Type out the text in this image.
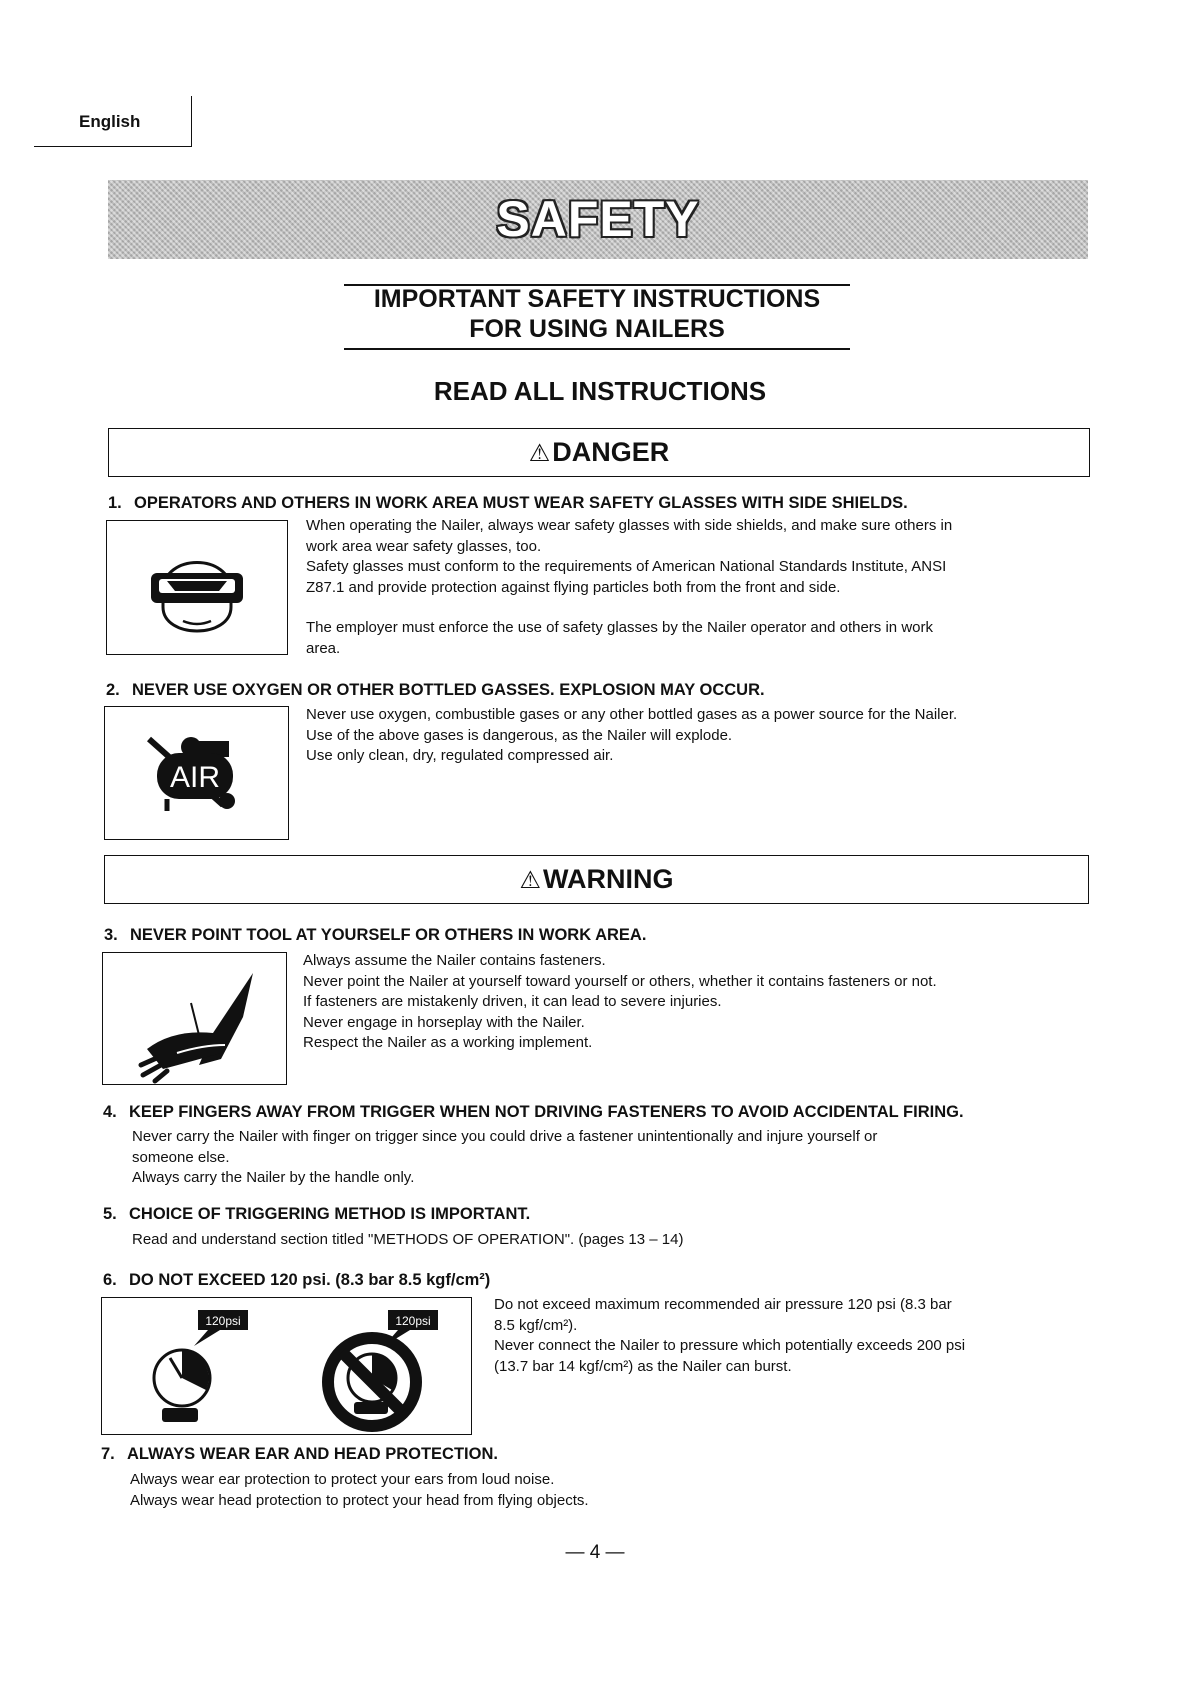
English
SAFETY
IMPORTANT SAFETY INSTRUCTIONS
FOR USING NAILERS
READ ALL INSTRUCTIONS
⚠DANGER
1. OPERATORS AND OTHERS IN WORK AREA MUST WEAR SAFETY GLASSES WITH SIDE SHIELDS.
When operating the Nailer, always wear safety glasses with side shields, and make sure others in
work area wear safety glasses, too.
Safety glasses must conform to the requirements of American National Standards Institute, ANSI
Z87.1 and provide protection against flying particles both from the front and side.
The employer must enforce the use of safety glasses by the Nailer operator and others in work
area.
2. NEVER USE OXYGEN OR OTHER BOTTLED GASSES. EXPLOSION MAY OCCUR.
AIR
Never use oxygen, combustible gases or any other bottled gases as a power source for the Nailer.
Use of the above gases is dangerous, as the Nailer will explode.
Use only clean, dry, regulated compressed air.
⚠WARNING
3. NEVER POINT TOOL AT YOURSELF OR OTHERS IN WORK AREA.
Always assume the Nailer contains fasteners.
Never point the Nailer at yourself toward yourself or others, whether it contains fasteners or not.
If fasteners are mistakenly driven, it can lead to severe injuries.
Never engage in horseplay with the Nailer.
Respect the Nailer as a working implement.
4. KEEP FINGERS AWAY FROM TRIGGER WHEN NOT DRIVING FASTENERS TO AVOID ACCIDENTAL FIRING.
Never carry the Nailer with finger on trigger since you could drive a fastener unintentionally and injure yourself or
someone else.
Always carry the Nailer by the handle only.
5. CHOICE OF TRIGGERING METHOD IS IMPORTANT.
Read and understand section titled "METHODS OF OPERATION". (pages 13 – 14)
6. DO NOT EXCEED 120 psi. (8.3 bar 8.5 kgf/cm²)
120psi	120psi
Do not exceed maximum recommended air pressure 120 psi (8.3 bar
8.5 kgf/cm²).
Never connect the Nailer to pressure which potentially exceeds 200 psi
(13.7 bar 14 kgf/cm²) as the Nailer can burst.
7. ALWAYS WEAR EAR AND HEAD PROTECTION.
Always wear ear protection to protect your ears from loud noise.
Always wear head protection to protect your head from flying objects.
— 4 —
